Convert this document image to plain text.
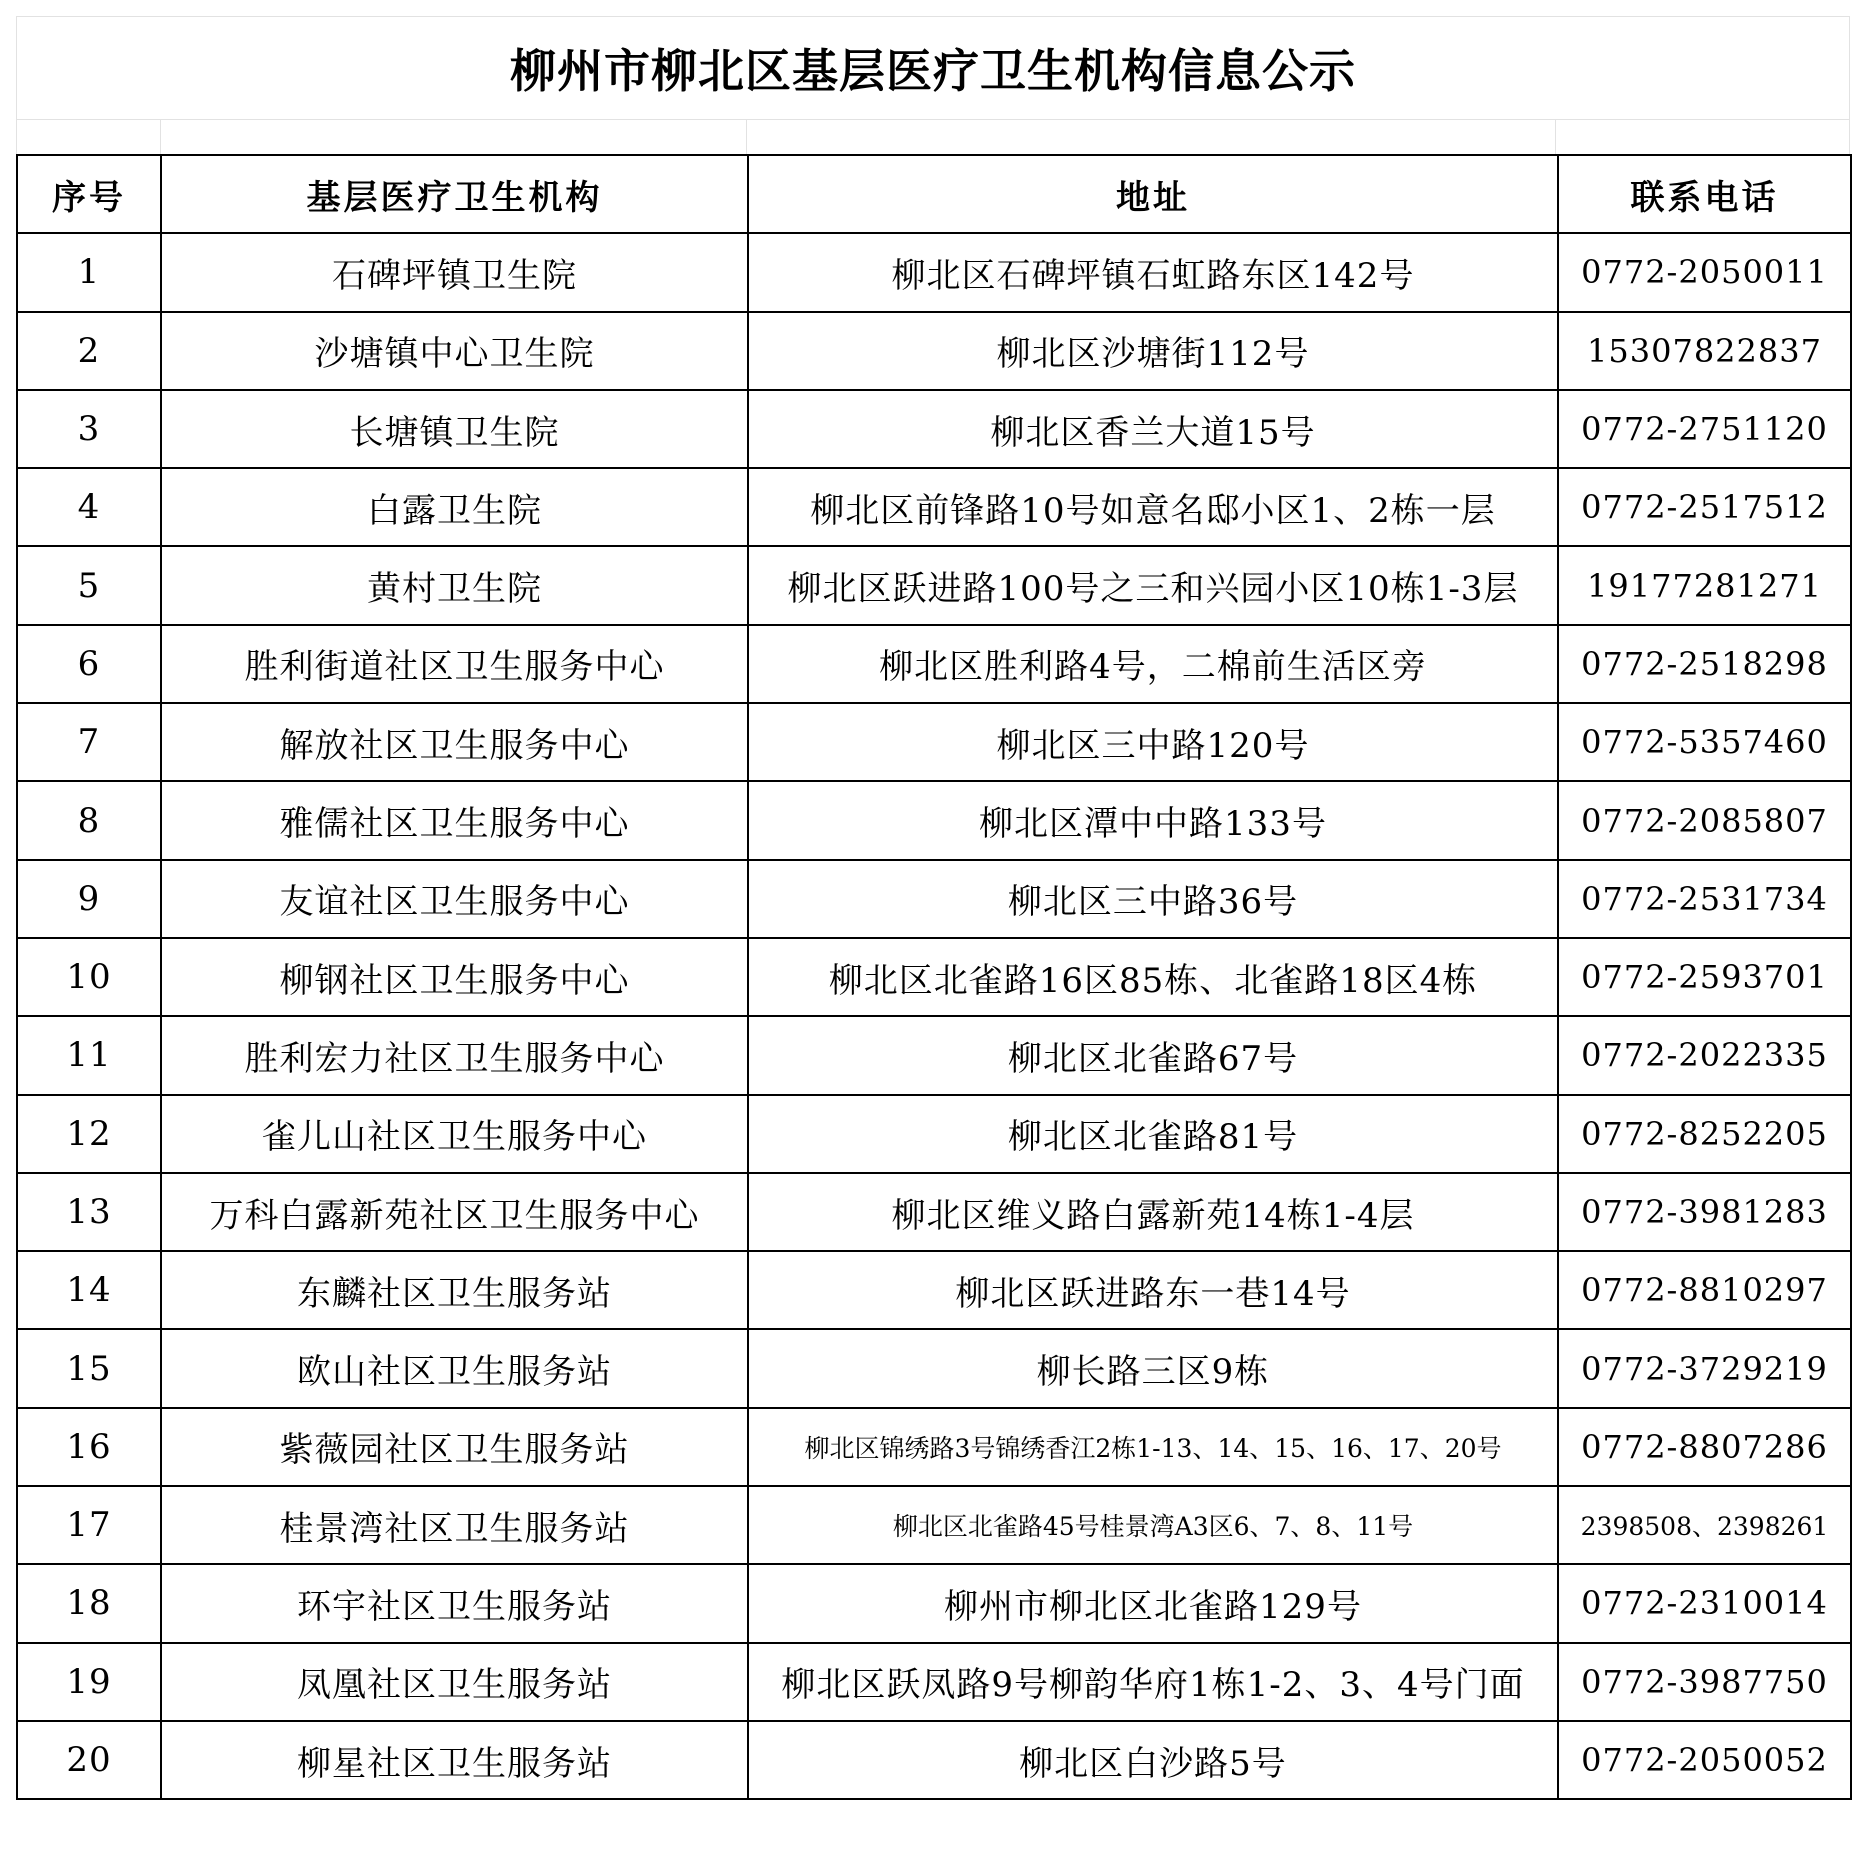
柳州市柳北区基层医疗卫生机构信息公示
序号	基层医疗卫生机构	地址	联系电话
1	石碑坪镇卫生院	柳北区石碑坪镇石虹路东区142号	0772-2050011
2	沙塘镇中心卫生院	柳北区沙塘街112号	15307822837
3	长塘镇卫生院	柳北区香兰大道15号	0772-2751120
4	白露卫生院	柳北区前锋路10号如意名邸小区1、2栋一层	0772-2517512
5	黄村卫生院	柳北区跃进路100号之三和兴园小区10栋1-3层	19177281271
6	胜利街道社区卫生服务中心	柳北区胜利路4号，二棉前生活区旁	0772-2518298
7	解放社区卫生服务中心	柳北区三中路120号	0772-5357460
8	雅儒社区卫生服务中心	柳北区潭中中路133号	0772-2085807
9	友谊社区卫生服务中心	柳北区三中路36号	0772-2531734
10	柳钢社区卫生服务中心	柳北区北雀路16区85栋、北雀路18区4栋	0772-2593701
11	胜利宏力社区卫生服务中心	柳北区北雀路67号	0772-2022335
12	雀儿山社区卫生服务中心	柳北区北雀路81号	0772-8252205
13	万科白露新苑社区卫生服务中心	柳北区维义路白露新苑14栋1-4层	0772-3981283
14	东麟社区卫生服务站	柳北区跃进路东一巷14号	0772-8810297
15	欧山社区卫生服务站	柳长路三区9栋	0772-3729219
16	紫薇园社区卫生服务站	柳北区锦绣路3号锦绣香江2栋1-13、14、15、16、17、20号	0772-8807286
17	桂景湾社区卫生服务站	柳北区北雀路45号桂景湾A3区6、7、8、11号	2398508、2398261
18	环宇社区卫生服务站	柳州市柳北区北雀路129号	0772-2310014
19	凤凰社区卫生服务站	柳北区跃凤路9号柳韵华府1栋1-2、3、4号门面	0772-3987750
20	柳星社区卫生服务站	柳北区白沙路5号	0772-2050052
